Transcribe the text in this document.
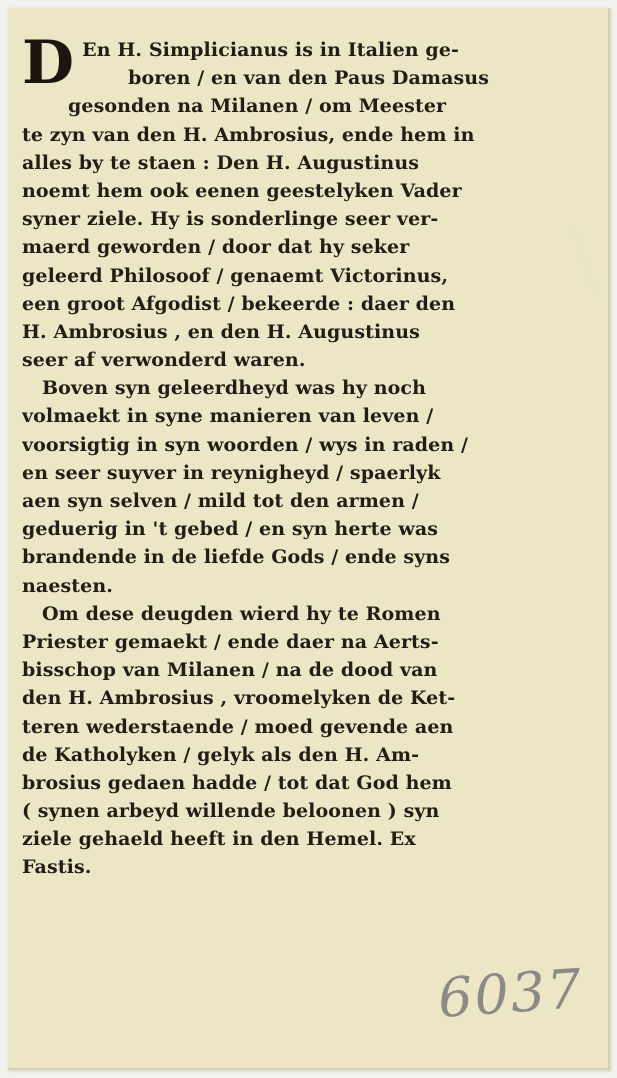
D En H. Simplicianus is in Italien ge-
boren / en van den Paus Damasus
gesonden na Milanen / om Meester
te zyn van den H. Ambrosius, ende hem in
alles by te staen : Den H. Augustinus
noemt hem ook eenen geestelyken Vader
syner ziele. Hy is sonderlinge seer ver-
maerd geworden / door dat hy seker
geleerd Philosoof / genaemt Victorinus,
een groot Afgodist / bekeerde : daer den
H. Ambrosius , en den H. Augustinus
seer af verwonderd waren.
Boven syn geleerdheyd was hy noch
volmaekt in syne manieren van leven /
voorsigtig in syn woorden / wys in raden /
en seer suyver in reynigheyd / spaerlyk
aen syn selven / mild tot den armen /
geduerig in 't gebed / en syn herte was
brandende in de liefde Gods / ende syns
naesten.
Om dese deugden wierd hy te Romen
Priester gemaekt / ende daer na Aerts-
bisschop van Milanen / na de dood van
den H. Ambrosius , vroomelyken de Ket-
teren wederstaende / moed gevende aen
de Katholyken / gelyk als den H. Am-
brosius gedaen hadde / tot dat God hem
( synen arbeyd willende beloonen ) syn
ziele gehaeld heeft in den Hemel. Ex
Fastis.
6037
